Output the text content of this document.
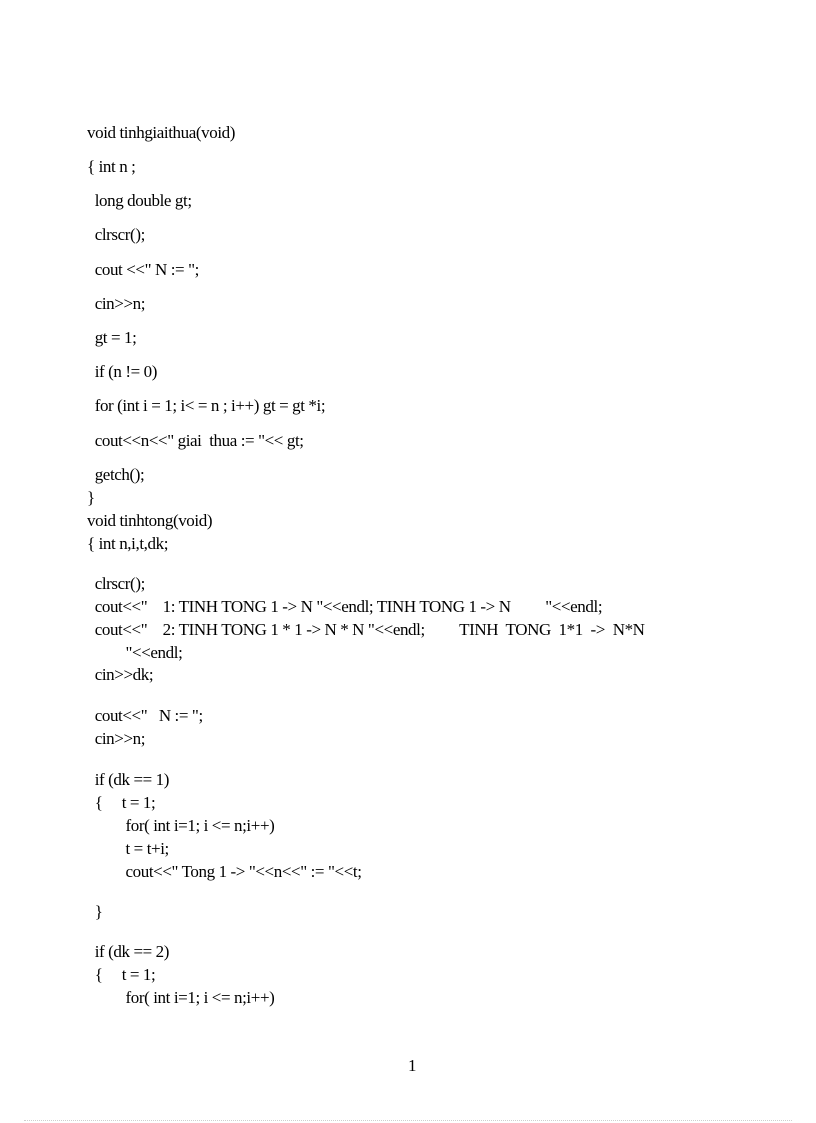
void tinhgiaithua(void)
{ int n ;
long double gt;
clrscr();
cout <<" N := ";
cin>>n;
gt = 1;
if (n != 0)
for (int i = 1; i< = n ; i++) gt = gt *i;
cout<<n<<" giai  thua := "<< gt;
getch();
}
void tinhtong(void)
{ int n,i,t,dk;
clrscr();
cout<<"    1: TINH TONG 1 -> N "<<endl; TINH TONG 1 -> N         "<<endl;
cout<<"    2: TINH TONG 1 * 1 -> N * N "<<endl;         TINH  TONG  1*1  ->  N*N
"<<endl;
cin>>dk;
cout<<"   N := ";
cin>>n;
if (dk == 1)
{     t = 1;
for( int i=1; i <= n;i++)
t = t+i;
cout<<" Tong 1 -> "<<n<<" := "<<t;
}
if (dk == 2)
{     t = 1;
for( int i=1; i <= n;i++)
1
